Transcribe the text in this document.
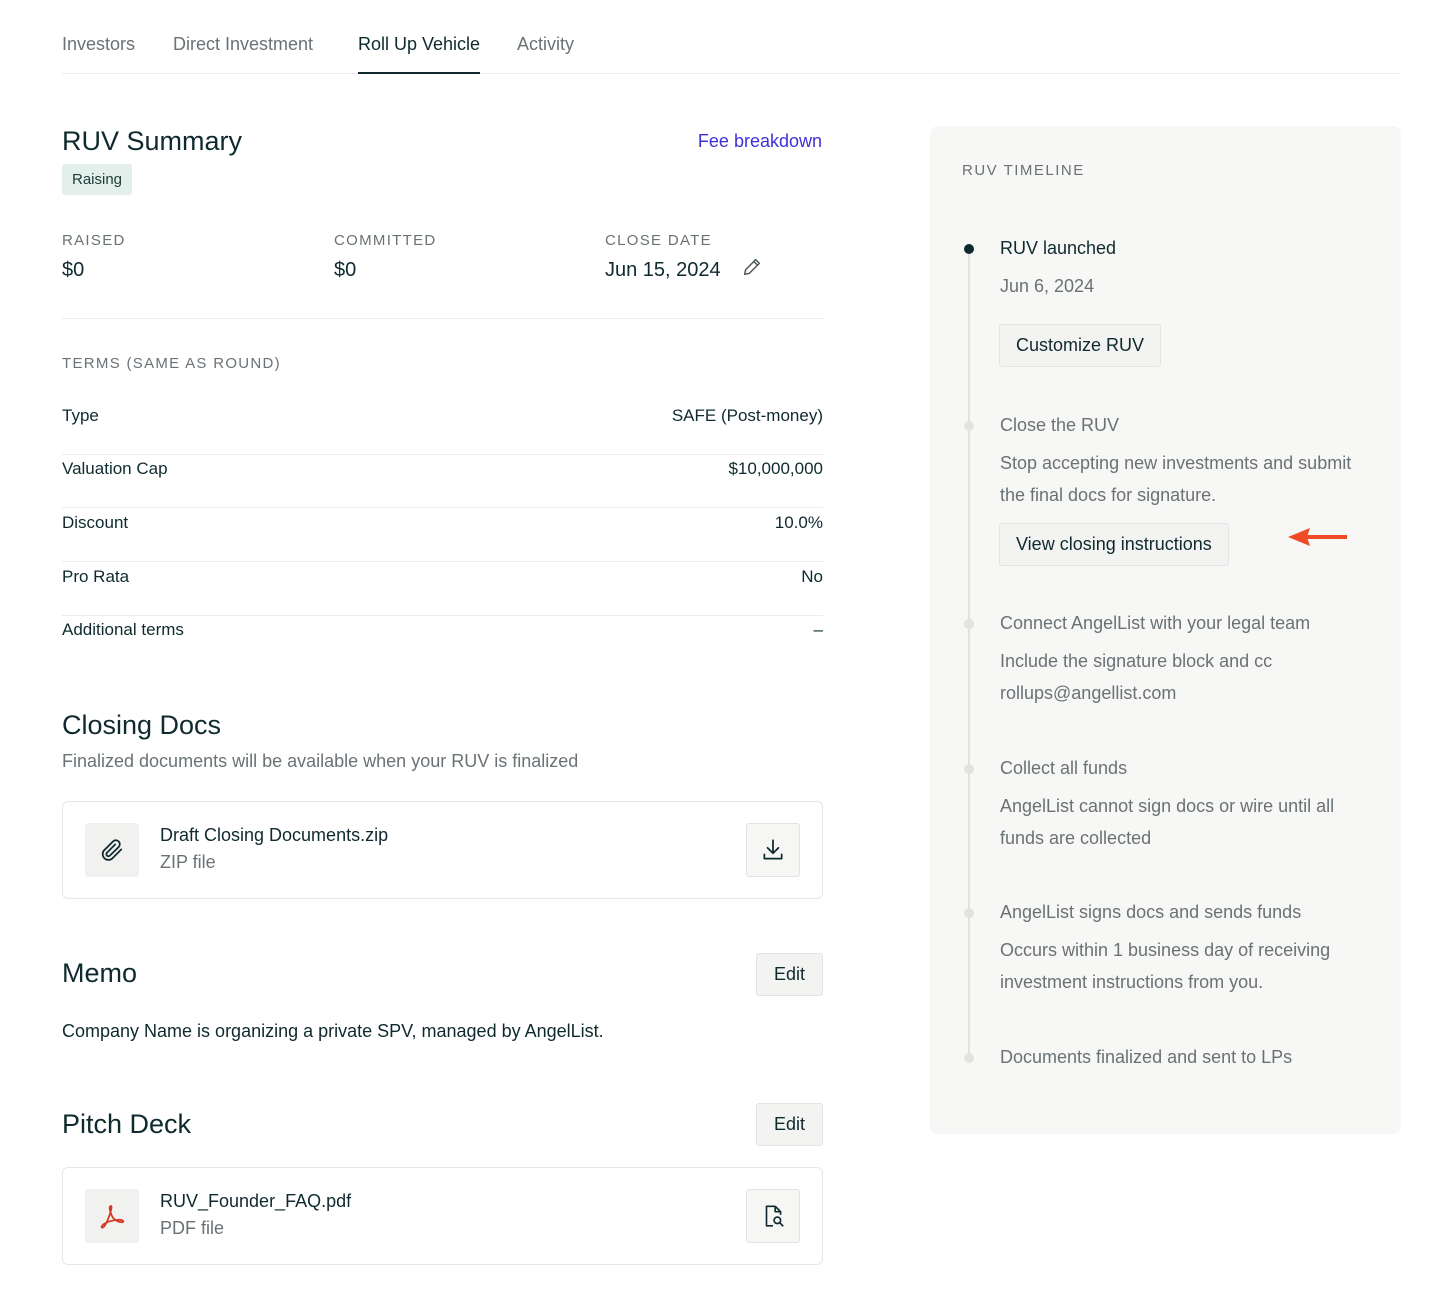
Investors Direct Investment Roll Up Vehicle Activity
RUV Summary	Fee breakdown
Raising
RAISED
$0
COMMITTED
$0
CLOSE DATE
Jun 15, 2024
TERMS (SAME AS ROUND)
Type	SAFE (Post-money)
Valuation Cap	$10,000,000
Discount	10.0%
Pro Rata	No
Additional terms	–
Closing Docs
Finalized documents will be available when your RUV is finalized
Draft Closing Documents.zip
ZIP file
Memo	Edit
Company Name is organizing a private SPV, managed by AngelList.
Pitch Deck	Edit
RUV_Founder_FAQ.pdf
PDF file
RUV TIMELINE
RUV launched
Jun 6, 2024
Customize RUV
Close the RUV
Stop accepting new investments and submit the final docs for signature.
View closing instructions
Connect AngelList with your legal team
Include the signature block and cc rollups@angellist.com
Collect all funds
AngelList cannot sign docs or wire until all funds are collected
AngelList signs docs and sends funds
Occurs within 1 business day of receiving investment instructions from you.
Documents finalized and sent to LPs
